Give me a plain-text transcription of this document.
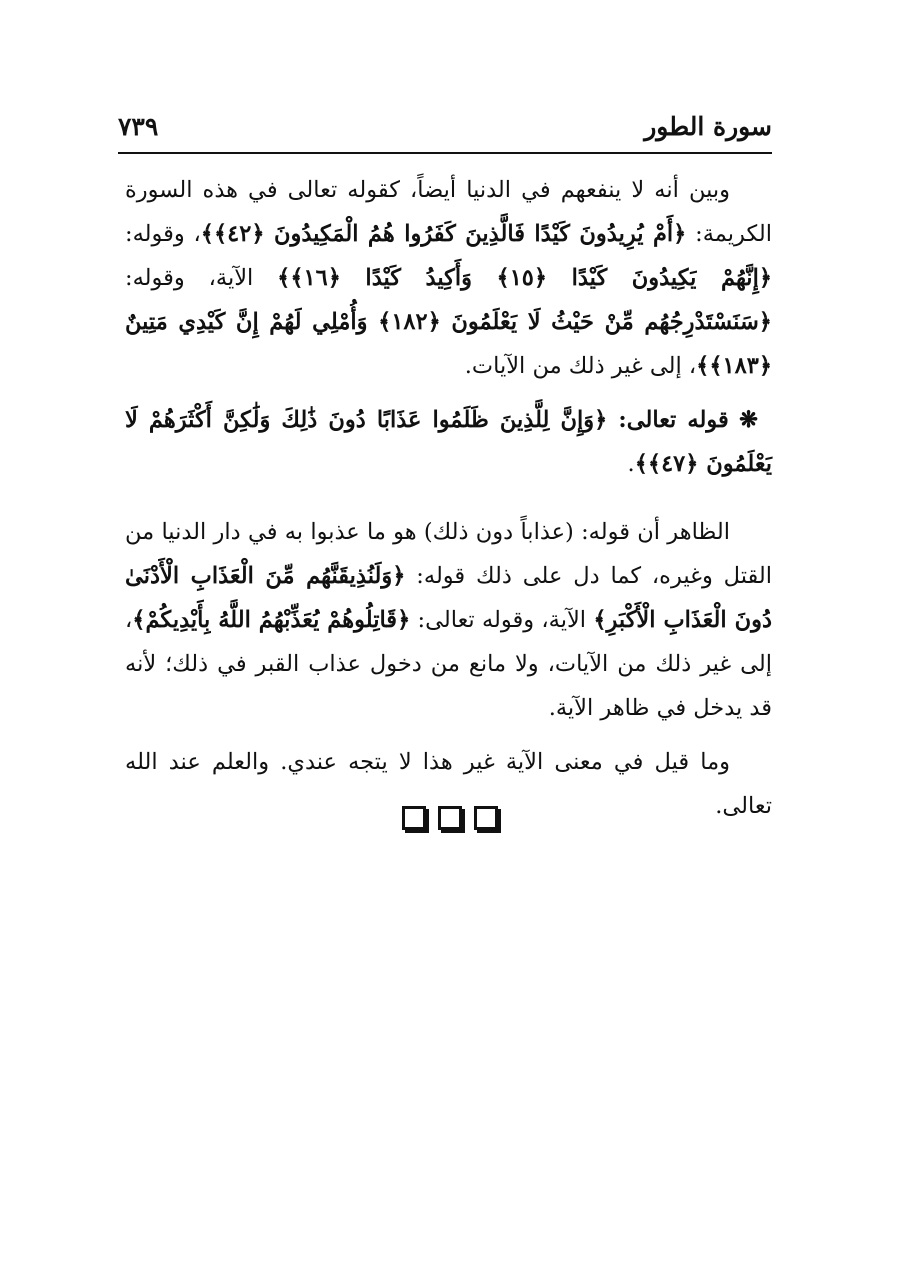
سورة الطور
٧٣٩

وبين أنه لا ينفعهم في الدنيا أيضاً، كقوله تعالى في هذه السورة الكريمة: ﴿أَمْ يُرِيدُونَ كَيْدًا فَالَّذِينَ كَفَرُوا هُمُ الْمَكِيدُونَ ﴿٤٢﴾﴾، وقوله: ﴿إِنَّهُمْ يَكِيدُونَ كَيْدًا ﴿١٥﴾ وَأَكِيدُ كَيْدًا ﴿١٦﴾﴾ الآية، وقوله: ﴿سَنَسْتَدْرِجُهُم مِّنْ حَيْثُ لَا يَعْلَمُونَ ﴿١٨٢﴾ وَأُمْلِي لَهُمْ إِنَّ كَيْدِي مَتِينٌ ﴿١٨٣﴾﴾، إلى غير ذلك من الآيات.

❋ قوله تعالى: ﴿وَإِنَّ لِلَّذِينَ ظَلَمُوا عَذَابًا دُونَ ذَٰلِكَ وَلَٰكِنَّ أَكْثَرَهُمْ لَا يَعْلَمُونَ ﴿٤٧﴾﴾.

الظاهر أن قوله: (عذاباً دون ذلك) هو ما عذبوا به في دار الدنيا من القتل وغيره، كما دل على ذلك قوله: ﴿وَلَنُذِيقَنَّهُم مِّنَ الْعَذَابِ الْأَدْنَىٰ دُونَ الْعَذَابِ الْأَكْبَرِ﴾ الآية، وقوله تعالى: ﴿قَاتِلُوهُمْ يُعَذِّبْهُمُ اللَّهُ بِأَيْدِيكُمْ﴾، إلى غير ذلك من الآيات، ولا مانع من دخول عذاب القبر في ذلك؛ لأنه قد يدخل في ظاهر الآية.

وما قيل في معنى الآية غير هذا لا يتجه عندي. والعلم عند الله تعالى.
